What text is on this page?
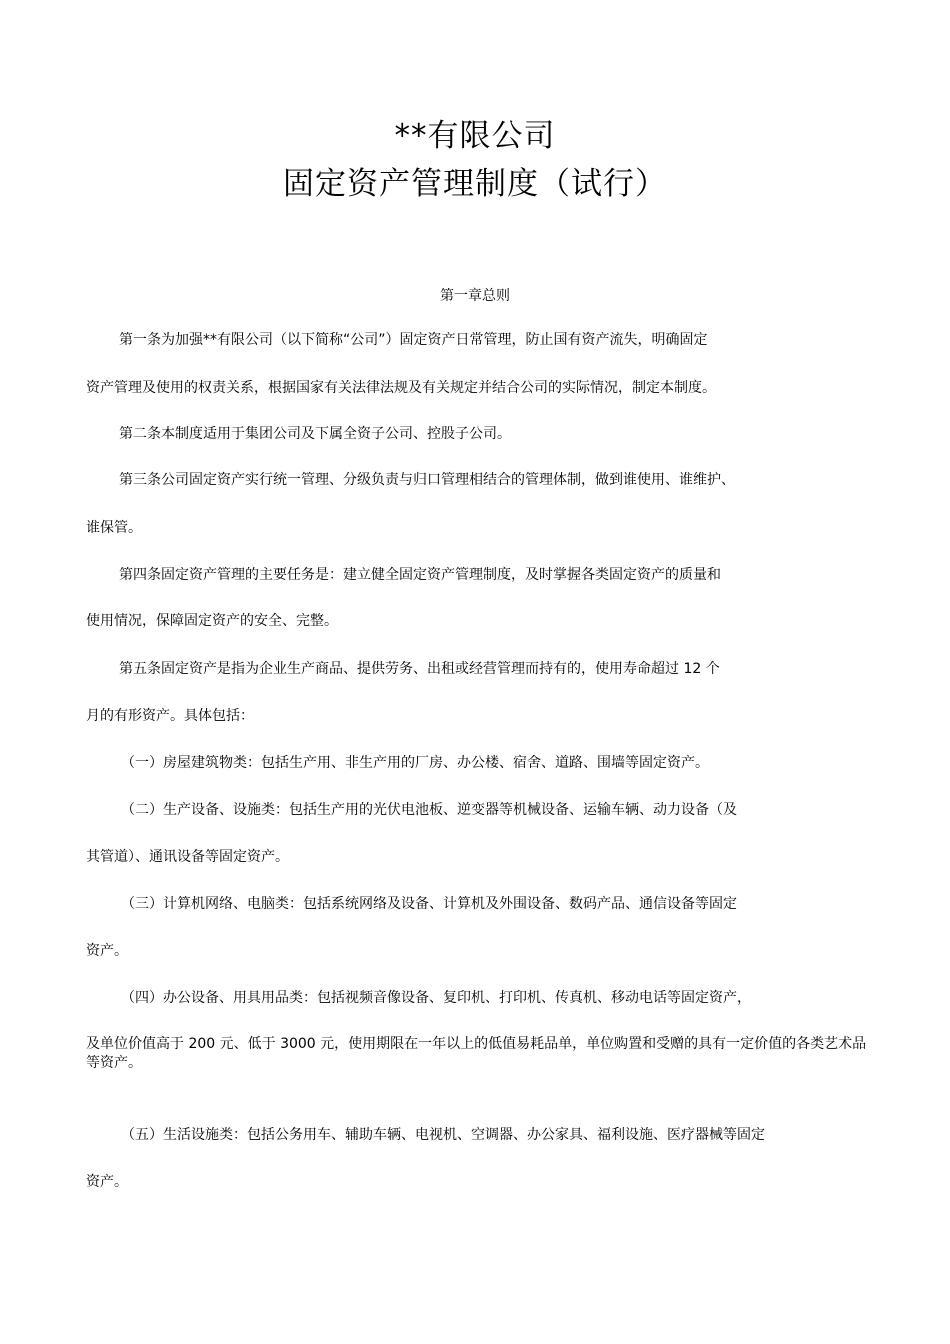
**有限公司
固定资产管理制度（试行）
第一章总则
第一条为加强**有限公司（以下简称“公司”）固定资产日常管理，防止国有资产流失，明确固定
资产管理及使用的权责关系，根据国家有关法律法规及有关规定并结合公司的实际情况，制定本制度。
第二条本制度适用于集团公司及下属全资子公司、控股子公司。
第三条公司固定资产实行统一管理、分级负责与归口管理相结合的管理体制，做到谁使用、谁维护、
谁保管。
第四条固定资产管理的主要任务是：建立健全固定资产管理制度，及时掌握各类固定资产的质量和
使用情况，保障固定资产的安全、完整。
第五条固定资产是指为企业生产商品、提供劳务、出租或经营管理而持有的，使用寿命超过 12 个
月的有形资产。具体包括：
（一）房屋建筑物类：包括生产用、非生产用的厂房、办公楼、宿舍、道路、围墙等固定资产。
（二）生产设备、设施类：包括生产用的光伏电池板、逆变器等机械设备、运输车辆、动力设备（及
其管道）、通讯设备等固定资产。
（三）计算机网络、电脑类：包括系统网络及设备、计算机及外围设备、数码产品、通信设备等固定
资产。
（四）办公设备、用具用品类：包括视频音像设备、复印机、打印机、传真机、移动电话等固定资产，
及单位价值高于 200 元、低于 3000 元，使用期限在一年以上的低值易耗品单，单位购置和受赠的具有一定价值的各类艺术品等资产。
（五）生活设施类：包括公务用车、辅助车辆、电视机、空调器、办公家具、福利设施、医疗器械等固定
资产。
